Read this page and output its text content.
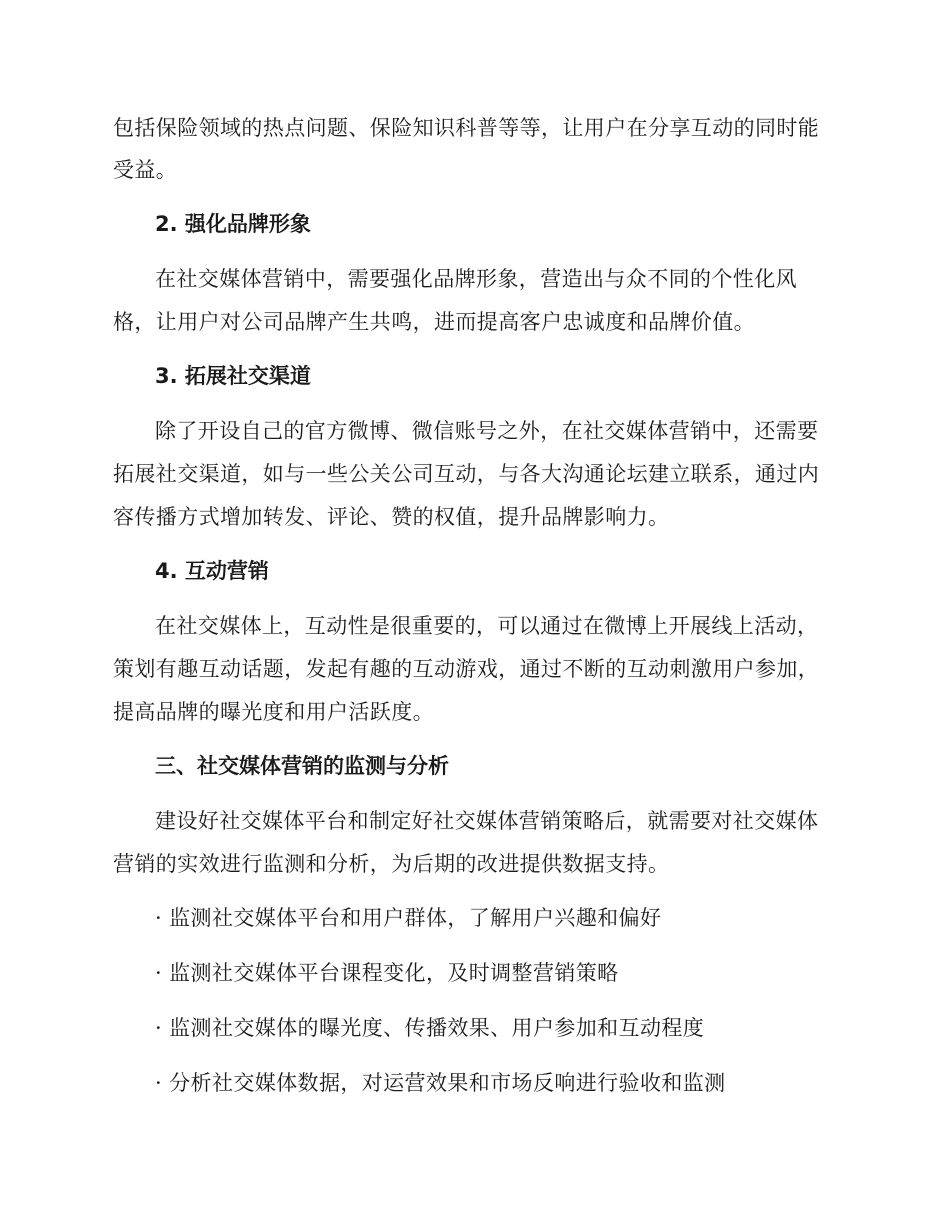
包括保险领域的热点问题、保险知识科普等等，让用户在分享互动的同时能
受益。
2. 强化品牌形象
在社交媒体营销中，需要强化品牌形象，营造出与众不同的个性化风
格，让用户对公司品牌产生共鸣，进而提高客户忠诚度和品牌价值。
3. 拓展社交渠道
除了开设自己的官方微博、微信账号之外，在社交媒体营销中，还需要
拓展社交渠道，如与一些公关公司互动，与各大沟通论坛建立联系，通过内
容传播方式增加转发、评论、赞的权值，提升品牌影响力。
4. 互动营销
在社交媒体上，互动性是很重要的，可以通过在微博上开展线上活动，
策划有趣互动话题，发起有趣的互动游戏，通过不断的互动刺激用户参加，
提高品牌的曝光度和用户活跃度。
三、社交媒体营销的监测与分析
建设好社交媒体平台和制定好社交媒体营销策略后，就需要对社交媒体
营销的实效进行监测和分析，为后期的改进提供数据支持。
· 监测社交媒体平台和用户群体，了解用户兴趣和偏好
· 监测社交媒体平台课程变化，及时调整营销策略
· 监测社交媒体的曝光度、传播效果、用户参加和互动程度
· 分析社交媒体数据，对运营效果和市场反响进行验收和监测
